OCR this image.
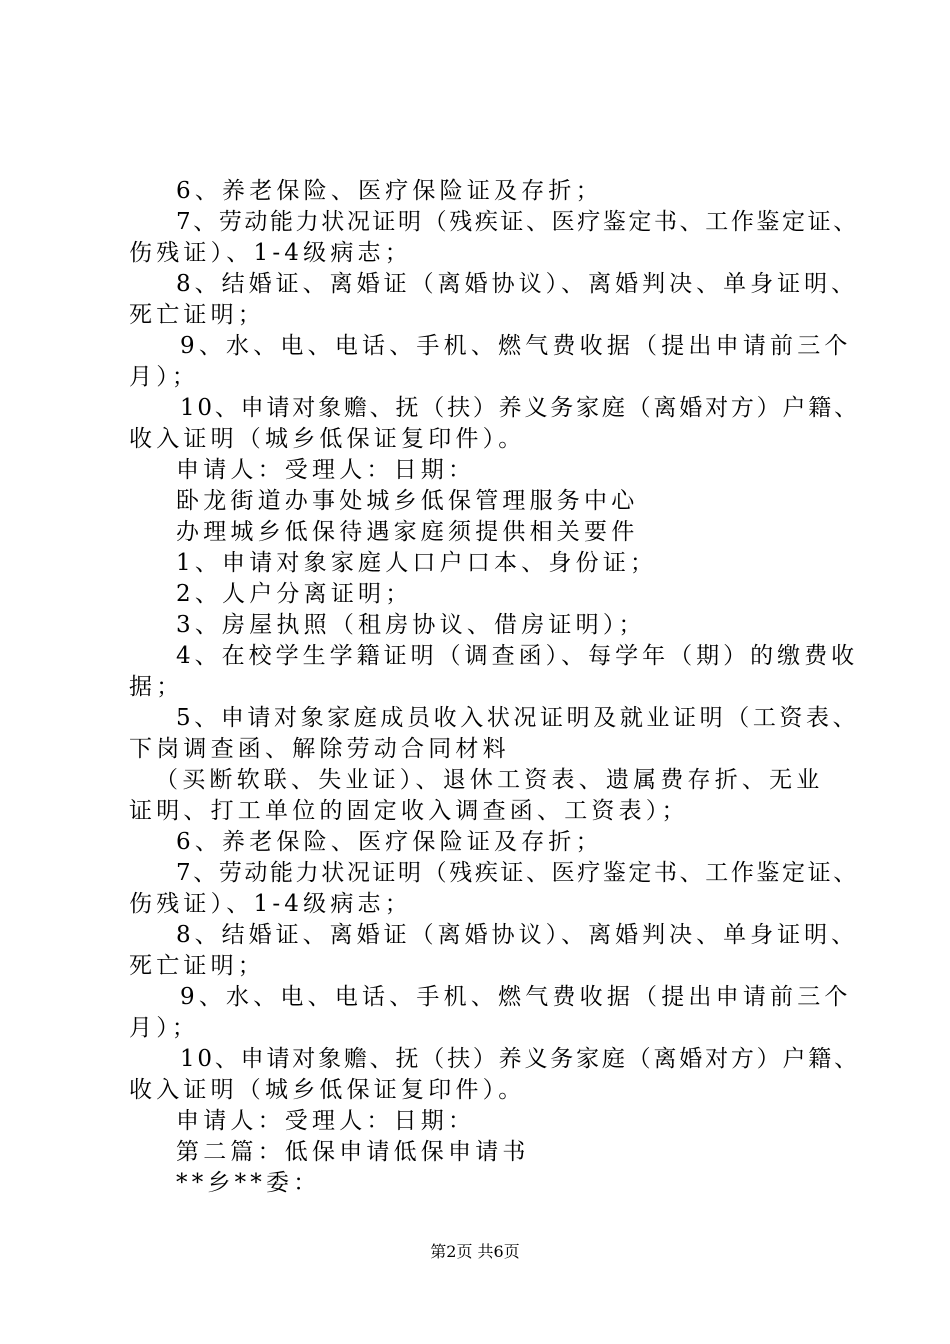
6、养老保险、医疗保险证及存折；
7、劳动能力状况证明（残疾证、医疗鉴定书、工作鉴定证、
伤残证）、1-4级病志；
8、结婚证、离婚证（离婚协议）、离婚判决、单身证明、
死亡证明；
9、水、电、电话、手机、燃气费收据（提出申请前三个
月）；
10、申请对象赡、抚（扶）养义务家庭（离婚对方）户籍、
收入证明（城乡低保证复印件）。
申请人：受理人：日期：
卧龙街道办事处城乡低保管理服务中心
办理城乡低保待遇家庭须提供相关要件
1、申请对象家庭人口户口本、身份证；
2、人户分离证明；
3、房屋执照（租房协议、借房证明）；
4、在校学生学籍证明（调查函）、每学年（期）的缴费收
据；
5、申请对象家庭成员收入状况证明及就业证明（工资表、
下岗调查函、解除劳动合同材料
（买断软联、失业证）、退休工资表、遗属费存折、无业
证明、打工单位的固定收入调查函、工资表）；
6、养老保险、医疗保险证及存折；
7、劳动能力状况证明（残疾证、医疗鉴定书、工作鉴定证、
伤残证）、1-4级病志；
8、结婚证、离婚证（离婚协议）、离婚判决、单身证明、
死亡证明；
9、水、电、电话、手机、燃气费收据（提出申请前三个
月）；
10、申请对象赡、抚（扶）养义务家庭（离婚对方）户籍、
收入证明（城乡低保证复印件）。
申请人：受理人：日期：
第二篇：低保申请低保申请书
**乡**委：
第2页 共6页
